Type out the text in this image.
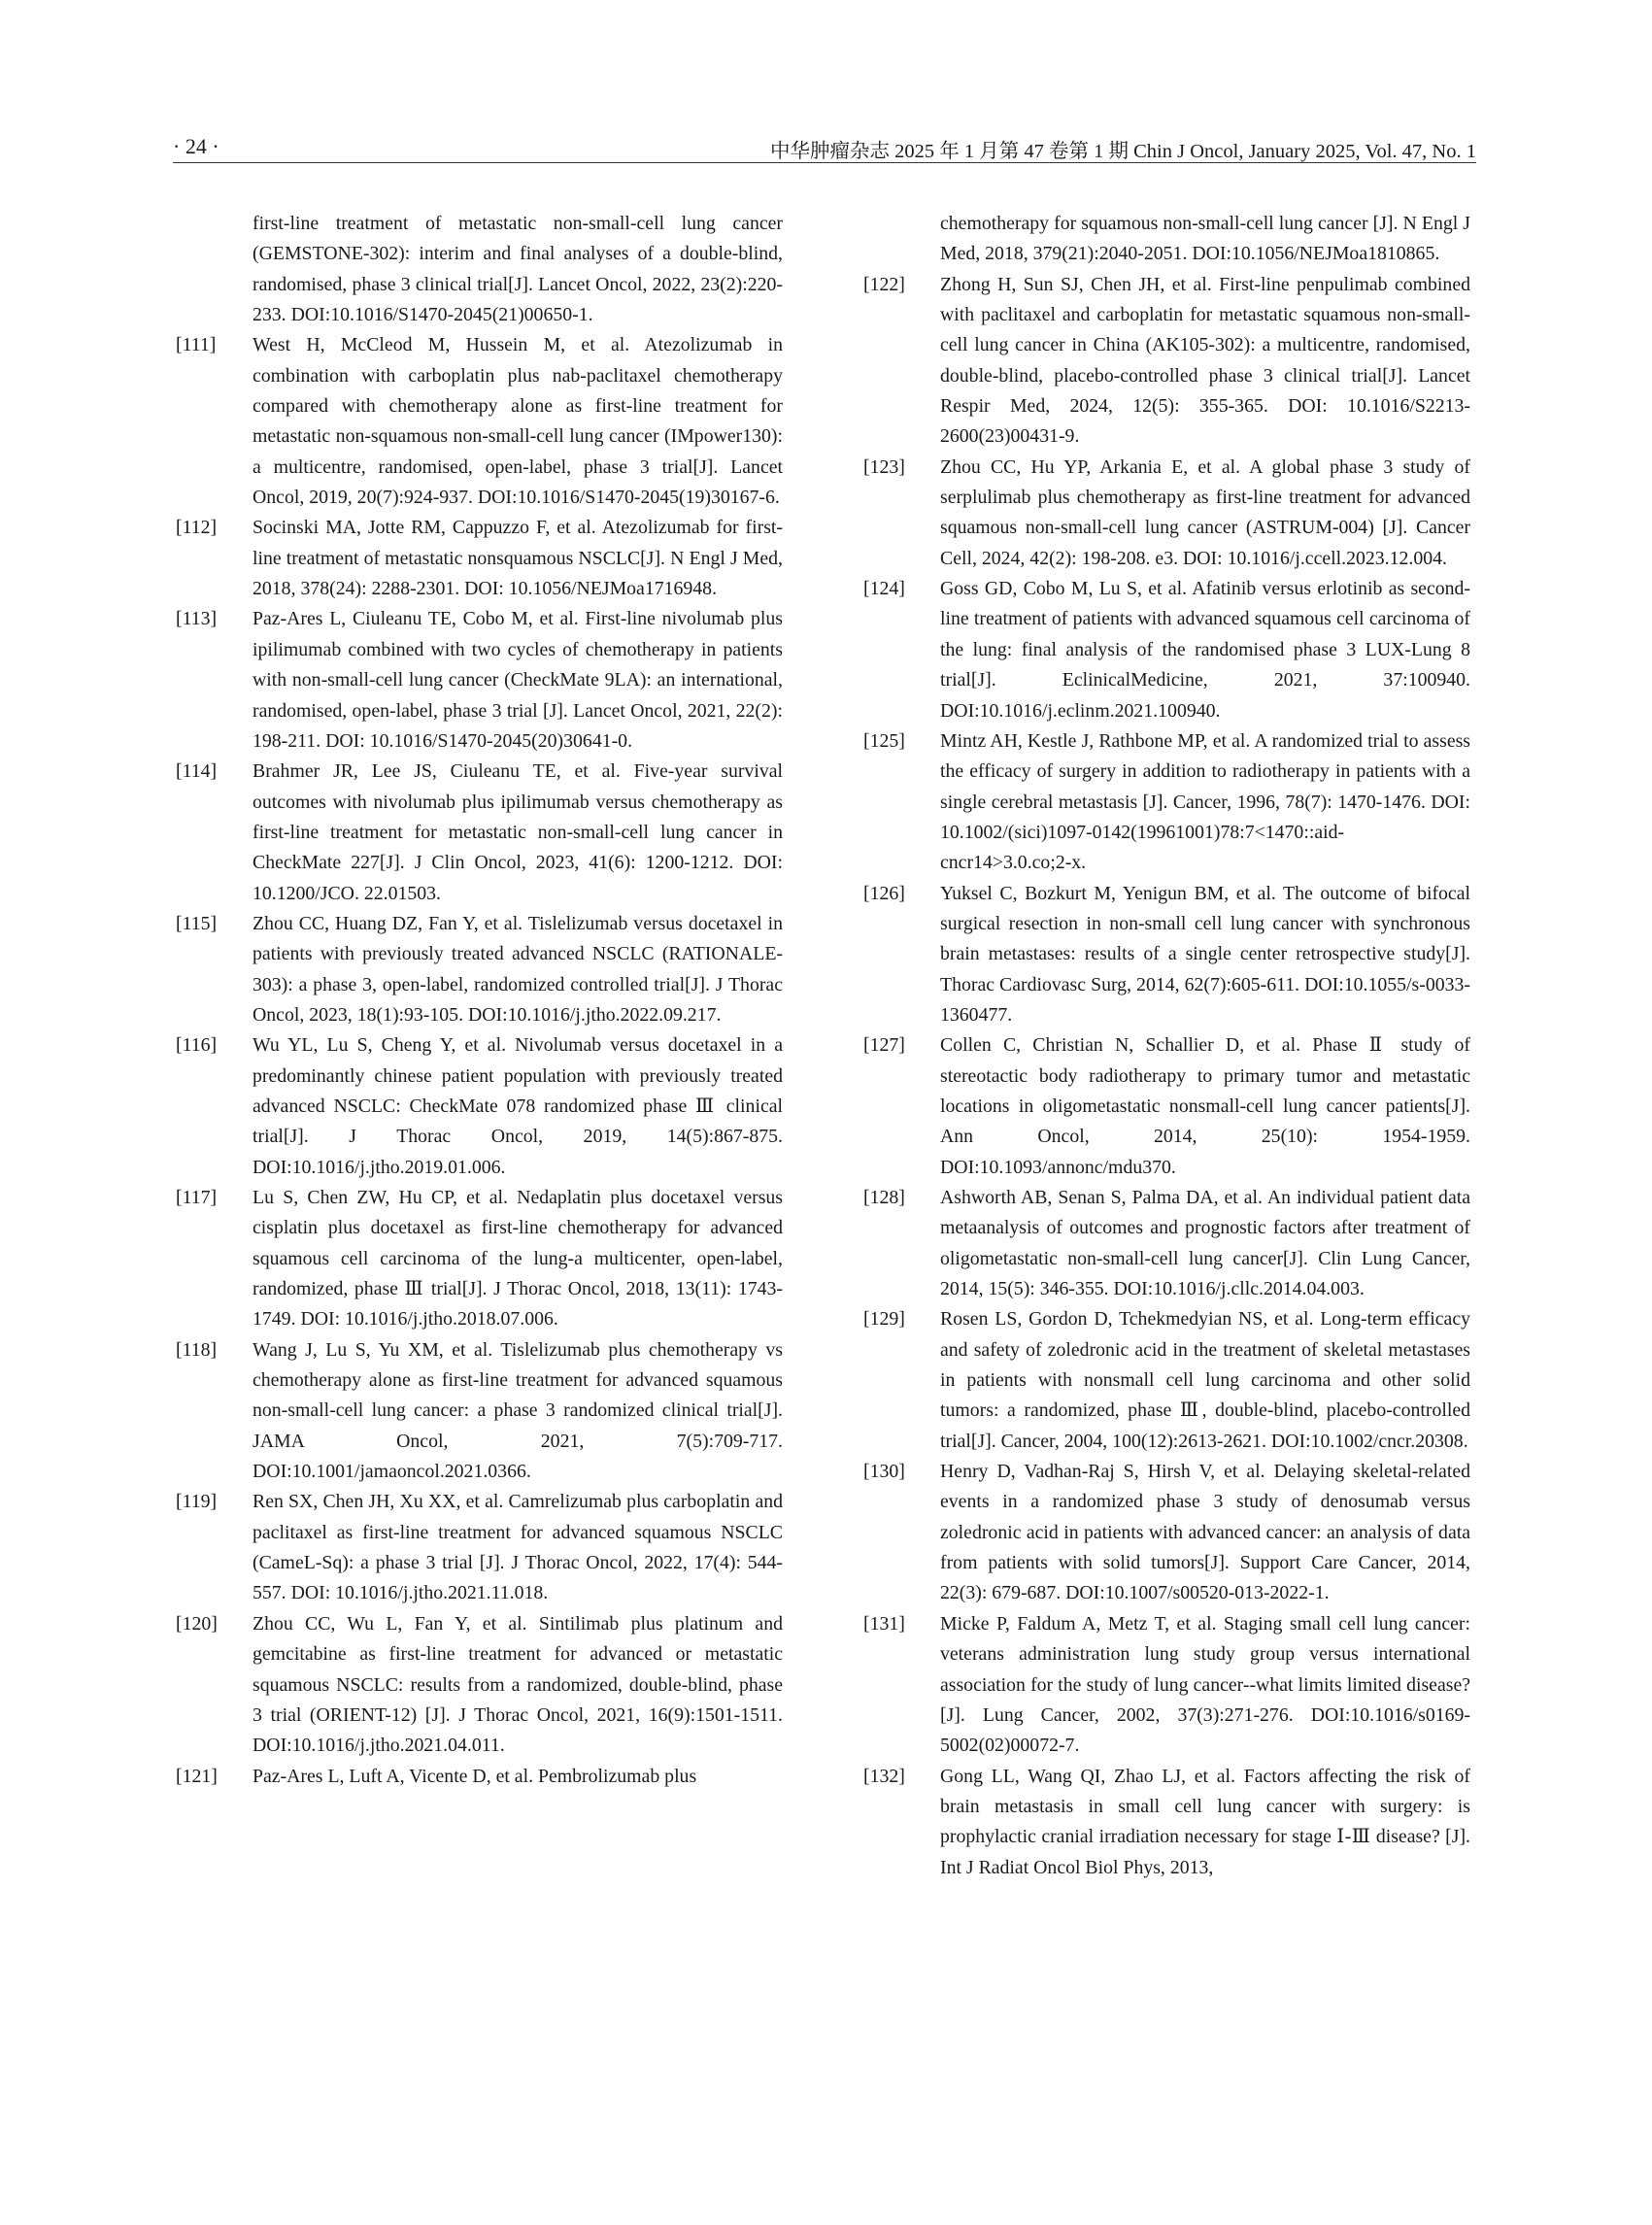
· 24 ·	中华肿瘤杂志 2025 年 1 月第 47 卷第 1 期 Chin J Oncol, January 2025, Vol. 47, No. 1
first-line treatment of metastatic non-small-cell lung cancer (GEMSTONE-302): interim and final analyses of a double-blind, randomised, phase 3 clinical trial[J]. Lancet Oncol, 2022, 23(2):220-233. DOI:10.1016/S1470-2045(21)00650-1.
[111] West H, McCleod M, Hussein M, et al. Atezolizumab in combination with carboplatin plus nab-paclitaxel chemotherapy compared with chemotherapy alone as first-line treatment for metastatic non-squamous non-small-cell lung cancer (IMpower130): a multicentre, randomised, open-label, phase 3 trial[J]. Lancet Oncol, 2019, 20(7):924-937. DOI:10.1016/S1470-2045(19)30167-6.
[112] Socinski MA, Jotte RM, Cappuzzo F, et al. Atezolizumab for first-line treatment of metastatic nonsquamous NSCLC[J]. N Engl J Med, 2018, 378(24): 2288-2301. DOI: 10.1056/NEJMoa1716948.
[113] Paz-Ares L, Ciuleanu TE, Cobo M, et al. First-line nivolumab plus ipilimumab combined with two cycles of chemotherapy in patients with non-small-cell lung cancer (CheckMate 9LA): an international, randomised, open-label, phase 3 trial [J]. Lancet Oncol, 2021, 22(2): 198-211. DOI: 10.1016/S1470-2045(20)30641-0.
[114] Brahmer JR, Lee JS, Ciuleanu TE, et al. Five-year survival outcomes with nivolumab plus ipilimumab versus chemotherapy as first-line treatment for metastatic non-small-cell lung cancer in CheckMate 227[J]. J Clin Oncol, 2023, 41(6): 1200-1212. DOI: 10.1200/JCO. 22.01503.
[115] Zhou CC, Huang DZ, Fan Y, et al. Tislelizumab versus docetaxel in patients with previously treated advanced NSCLC (RATIONALE-303): a phase 3, open-label, randomized controlled trial[J]. J Thorac Oncol, 2023, 18(1):93-105. DOI:10.1016/j.jtho.2022.09.217.
[116] Wu YL, Lu S, Cheng Y, et al. Nivolumab versus docetaxel in a predominantly chinese patient population with previously treated advanced NSCLC: CheckMate 078 randomized phase Ⅲ clinical trial[J]. J Thorac Oncol, 2019, 14(5):867-875. DOI:10.1016/j.jtho.2019.01.006.
[117] Lu S, Chen ZW, Hu CP, et al. Nedaplatin plus docetaxel versus cisplatin plus docetaxel as first-line chemotherapy for advanced squamous cell carcinoma of the lung-a multicenter, open-label, randomized, phase Ⅲ trial[J]. J Thorac Oncol, 2018, 13(11): 1743-1749. DOI: 10.1016/j.jtho.2018.07.006.
[118] Wang J, Lu S, Yu XM, et al. Tislelizumab plus chemotherapy vs chemotherapy alone as first-line treatment for advanced squamous non-small-cell lung cancer: a phase 3 randomized clinical trial[J]. JAMA Oncol, 2021, 7(5):709-717. DOI:10.1001/jamaoncol.2021.0366.
[119] Ren SX, Chen JH, Xu XX, et al. Camrelizumab plus carboplatin and paclitaxel as first-line treatment for advanced squamous NSCLC (CameL-Sq): a phase 3 trial [J]. J Thorac Oncol, 2022, 17(4): 544-557. DOI: 10.1016/j.jtho.2021.11.018.
[120] Zhou CC, Wu L, Fan Y, et al. Sintilimab plus platinum and gemcitabine as first-line treatment for advanced or metastatic squamous NSCLC: results from a randomized, double-blind, phase 3 trial (ORIENT-12) [J]. J Thorac Oncol, 2021, 16(9):1501-1511. DOI:10.1016/j.jtho.2021.04.011.
[121] Paz-Ares L, Luft A, Vicente D, et al. Pembrolizumab plus
chemotherapy for squamous non-small-cell lung cancer [J]. N Engl J Med, 2018, 379(21):2040-2051. DOI:10.1056/NEJMoa1810865.
[122] Zhong H, Sun SJ, Chen JH, et al. First-line penpulimab combined with paclitaxel and carboplatin for metastatic squamous non-small-cell lung cancer in China (AK105-302): a multicentre, randomised, double-blind, placebo-controlled phase 3 clinical trial[J]. Lancet Respir Med, 2024, 12(5): 355-365. DOI: 10.1016/S2213-2600(23)00431-9.
[123] Zhou CC, Hu YP, Arkania E, et al. A global phase 3 study of serplulimab plus chemotherapy as first-line treatment for advanced squamous non-small-cell lung cancer (ASTRUM-004) [J]. Cancer Cell, 2024, 42(2): 198-208. e3. DOI: 10.1016/j.ccell.2023.12.004.
[124] Goss GD, Cobo M, Lu S, et al. Afatinib versus erlotinib as second-line treatment of patients with advanced squamous cell carcinoma of the lung: final analysis of the randomised phase 3 LUX-Lung 8 trial[J]. EclinicalMedicine, 2021, 37:100940. DOI:10.1016/j.eclinm.2021.100940.
[125] Mintz AH, Kestle J, Rathbone MP, et al. A randomized trial to assess the efficacy of surgery in addition to radiotherapy in patients with a single cerebral metastasis [J]. Cancer, 1996, 78(7): 1470-1476. DOI: 10.1002/(sici)1097-0142(19961001)78:7<1470::aid-cncr14>3.0.co;2-x.
[126] Yuksel C, Bozkurt M, Yenigun BM, et al. The outcome of bifocal surgical resection in non-small cell lung cancer with synchronous brain metastases: results of a single center retrospective study[J]. Thorac Cardiovasc Surg, 2014, 62(7):605-611. DOI:10.1055/s-0033-1360477.
[127] Collen C, Christian N, Schallier D, et al. Phase Ⅱ study of stereotactic body radiotherapy to primary tumor and metastatic locations in oligometastatic nonsmall-cell lung cancer patients[J]. Ann Oncol, 2014, 25(10): 1954-1959. DOI:10.1093/annonc/mdu370.
[128] Ashworth AB, Senan S, Palma DA, et al. An individual patient data metaanalysis of outcomes and prognostic factors after treatment of oligometastatic non-small-cell lung cancer[J]. Clin Lung Cancer, 2014, 15(5): 346-355. DOI:10.1016/j.cllc.2014.04.003.
[129] Rosen LS, Gordon D, Tchekmedyian NS, et al. Long-term efficacy and safety of zoledronic acid in the treatment of skeletal metastases in patients with nonsmall cell lung carcinoma and other solid tumors: a randomized, phase Ⅲ, double-blind, placebo-controlled trial[J]. Cancer, 2004, 100(12):2613-2621. DOI:10.1002/cncr.20308.
[130] Henry D, Vadhan-Raj S, Hirsh V, et al. Delaying skeletal-related events in a randomized phase 3 study of denosumab versus zoledronic acid in patients with advanced cancer: an analysis of data from patients with solid tumors[J]. Support Care Cancer, 2014, 22(3): 679-687. DOI:10.1007/s00520-013-2022-1.
[131] Micke P, Faldum A, Metz T, et al. Staging small cell lung cancer: veterans administration lung study group versus international association for the study of lung cancer--what limits limited disease?[J]. Lung Cancer, 2002, 37(3):271-276. DOI:10.1016/s0169-5002(02)00072-7.
[132] Gong LL, Wang QI, Zhao LJ, et al. Factors affecting the risk of brain metastasis in small cell lung cancer with surgery: is prophylactic cranial irradiation necessary for stage Ⅰ-Ⅲ disease? [J]. Int J Radiat Oncol Biol Phys, 2013,
